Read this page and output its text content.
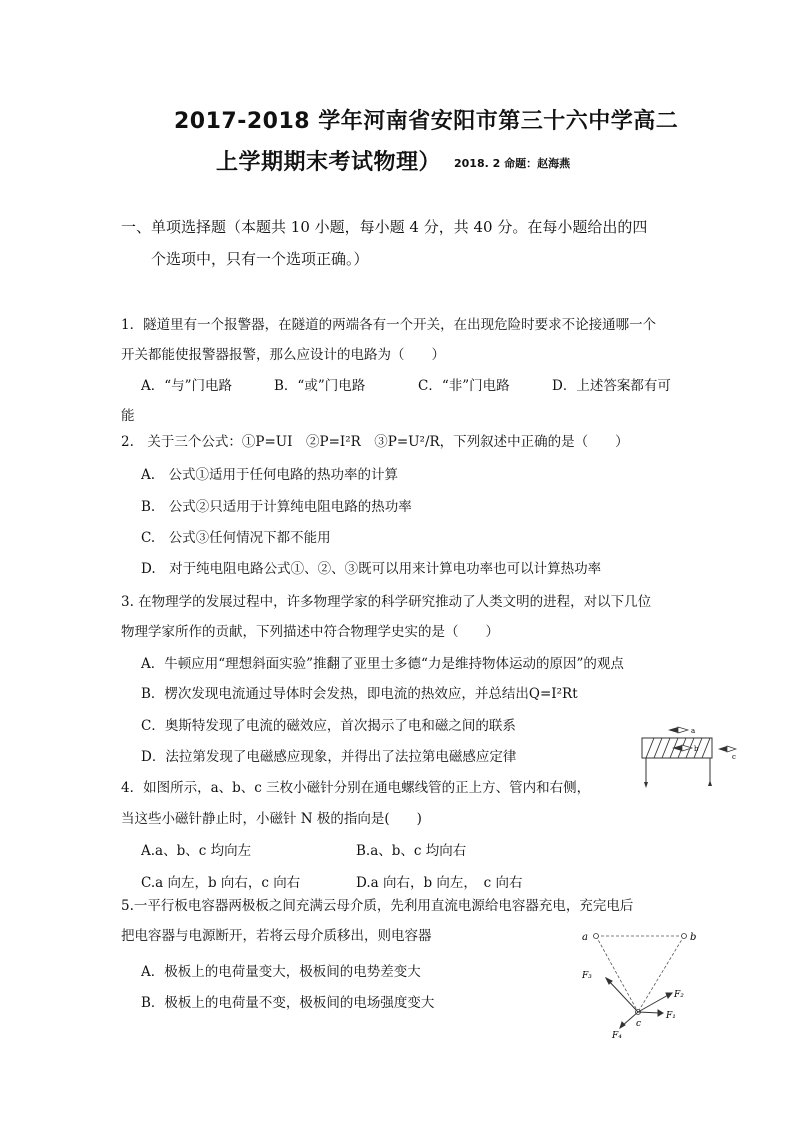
2017-2018 学年河南省安阳市第三十六中学高二
上学期期末考试物理） 2018. 2 命题：赵海燕
一、单项选择题（本题共 10 小题，每小题 4 分，共 40 分。在每小题给出的四
个选项中，只有一个选项正确。）
1．隧道里有一个报警器，在隧道的两端各有一个开关，在出现危险时要求不论接通哪一个
开关都能使报警器报警，那么应设计的电路为（　　）
A．“与”门电路	B．“或”门电路	C．“非”门电路	D．上述答案都有可
能
2.　关于三个公式：①P=UI　②P=I²R　③P=U²/R，下列叙述中正确的是（　　）
A.　公式①适用于任何电路的热功率的计算
B.　公式②只适用于计算纯电阻电路的热功率
C.　公式③任何情况下都不能用
D.　对于纯电阻电路公式①、②、③既可以用来计算电功率也可以计算热功率
3. 在物理学的发展过程中，许多物理学家的科学研究推动了人类文明的进程，对以下几位
物理学家所作的贡献，下列描述中符合物理学史实的是（　　）
A．牛顿应用“理想斜面实验”推翻了亚里士多德“力是维持物体运动的原因”的观点
B．楞次发现电流通过导体时会发热，即电流的热效应，并总结出Q=I²Rt
C．奥斯特发现了电流的磁效应，首次揭示了电和磁之间的联系
D．法拉第发现了电磁感应现象，并得出了法拉第电磁感应定律
a
b
c
4．如图所示，a、b、c 三枚小磁针分别在通电螺线管的正上方、管内和右侧，
当这些小磁针静止时，小磁针 N 极的指向是(　　)
A.a、b、c 均向左	B.a、b、c 均向右
C.a 向左，b 向右，c 向右	D.a 向右，b 向左，　c 向右
5.一平行板电容器两极板之间充满云母介质，先利用直流电源给电容器充电，充完电后
把电容器与电源断开，若将云母介质移出，则电容器
A．极板上的电荷量变大，极板间的电势差变大
B．极板上的电荷量不变，极板间的电场强度变大
a	b
c
F₃
F₂
F₁
F₄
